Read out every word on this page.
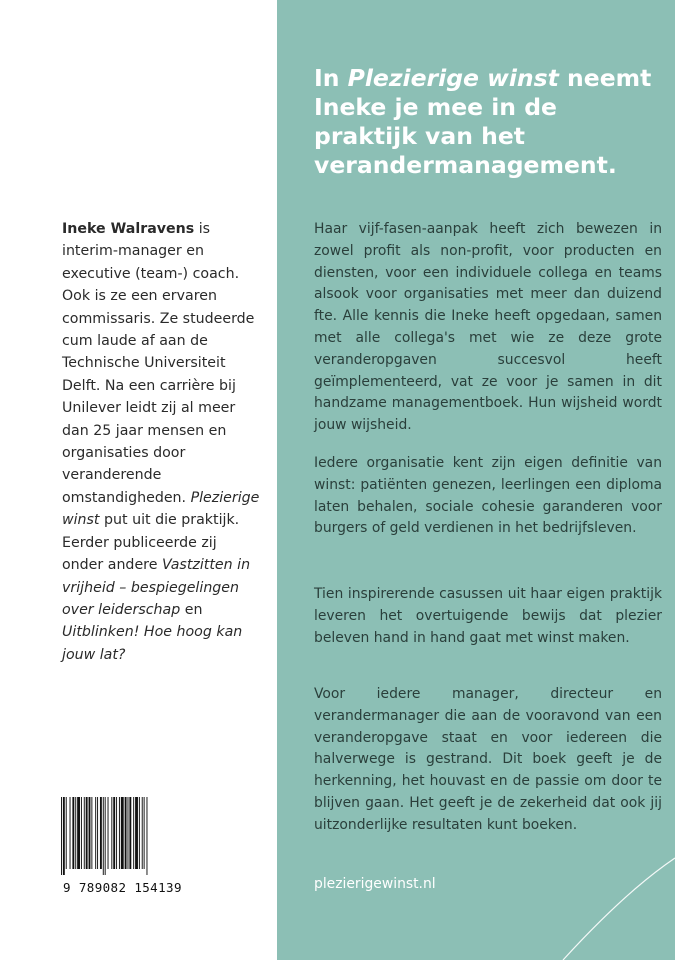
Ineke Walravens is interim-manager en executive (team-) coach. Ook is ze een ervaren commissaris. Ze studeerde cum laude af aan de Technische Universiteit Delft. Na een carrière bij Unilever leidt zij al meer dan 25 jaar mensen en organisaties door veranderende omstandigheden. Plezierige winst put uit die praktijk. Eerder publiceerde zij onder andere Vastzitten in vrijheid – bespiegelingen over leiderschap en Uitblinken! Hoe hoog kan jouw lat?
9 789082 154139
In Plezierige winst neemt Ineke je mee in de praktijk van het verandermanagement.
Haar vijf-fasen-aanpak heeft zich bewezen in zowel profit als non-profit, voor producten en diensten, voor een individuele collega en teams alsook voor organisaties met meer dan duizend fte. Alle kennis die Ineke heeft opgedaan, samen met alle collega's met wie ze deze grote veranderopgaven succesvol heeft geïmplementeerd, vat ze voor je samen in dit handzame managementboek. Hun wijsheid wordt jouw wijsheid.
Iedere organisatie kent zijn eigen definitie van winst: patiënten genezen, leerlingen een diploma laten behalen, sociale cohesie garanderen voor burgers of geld verdienen in het bedrijfsleven.
Tien inspirerende casussen uit haar eigen praktijk leveren het overtuigende bewijs dat plezier beleven hand in hand gaat met winst maken.
Voor iedere manager, directeur en verandermanager die aan de vooravond van een veranderopgave staat en voor iedereen die halverwege is gestrand. Dit boek geeft je de herkenning, het houvast en de passie om door te blijven gaan. Het geeft je de zekerheid dat ook jij uitzonderlijke resultaten kunt boeken.
plezierigewinst.nl
